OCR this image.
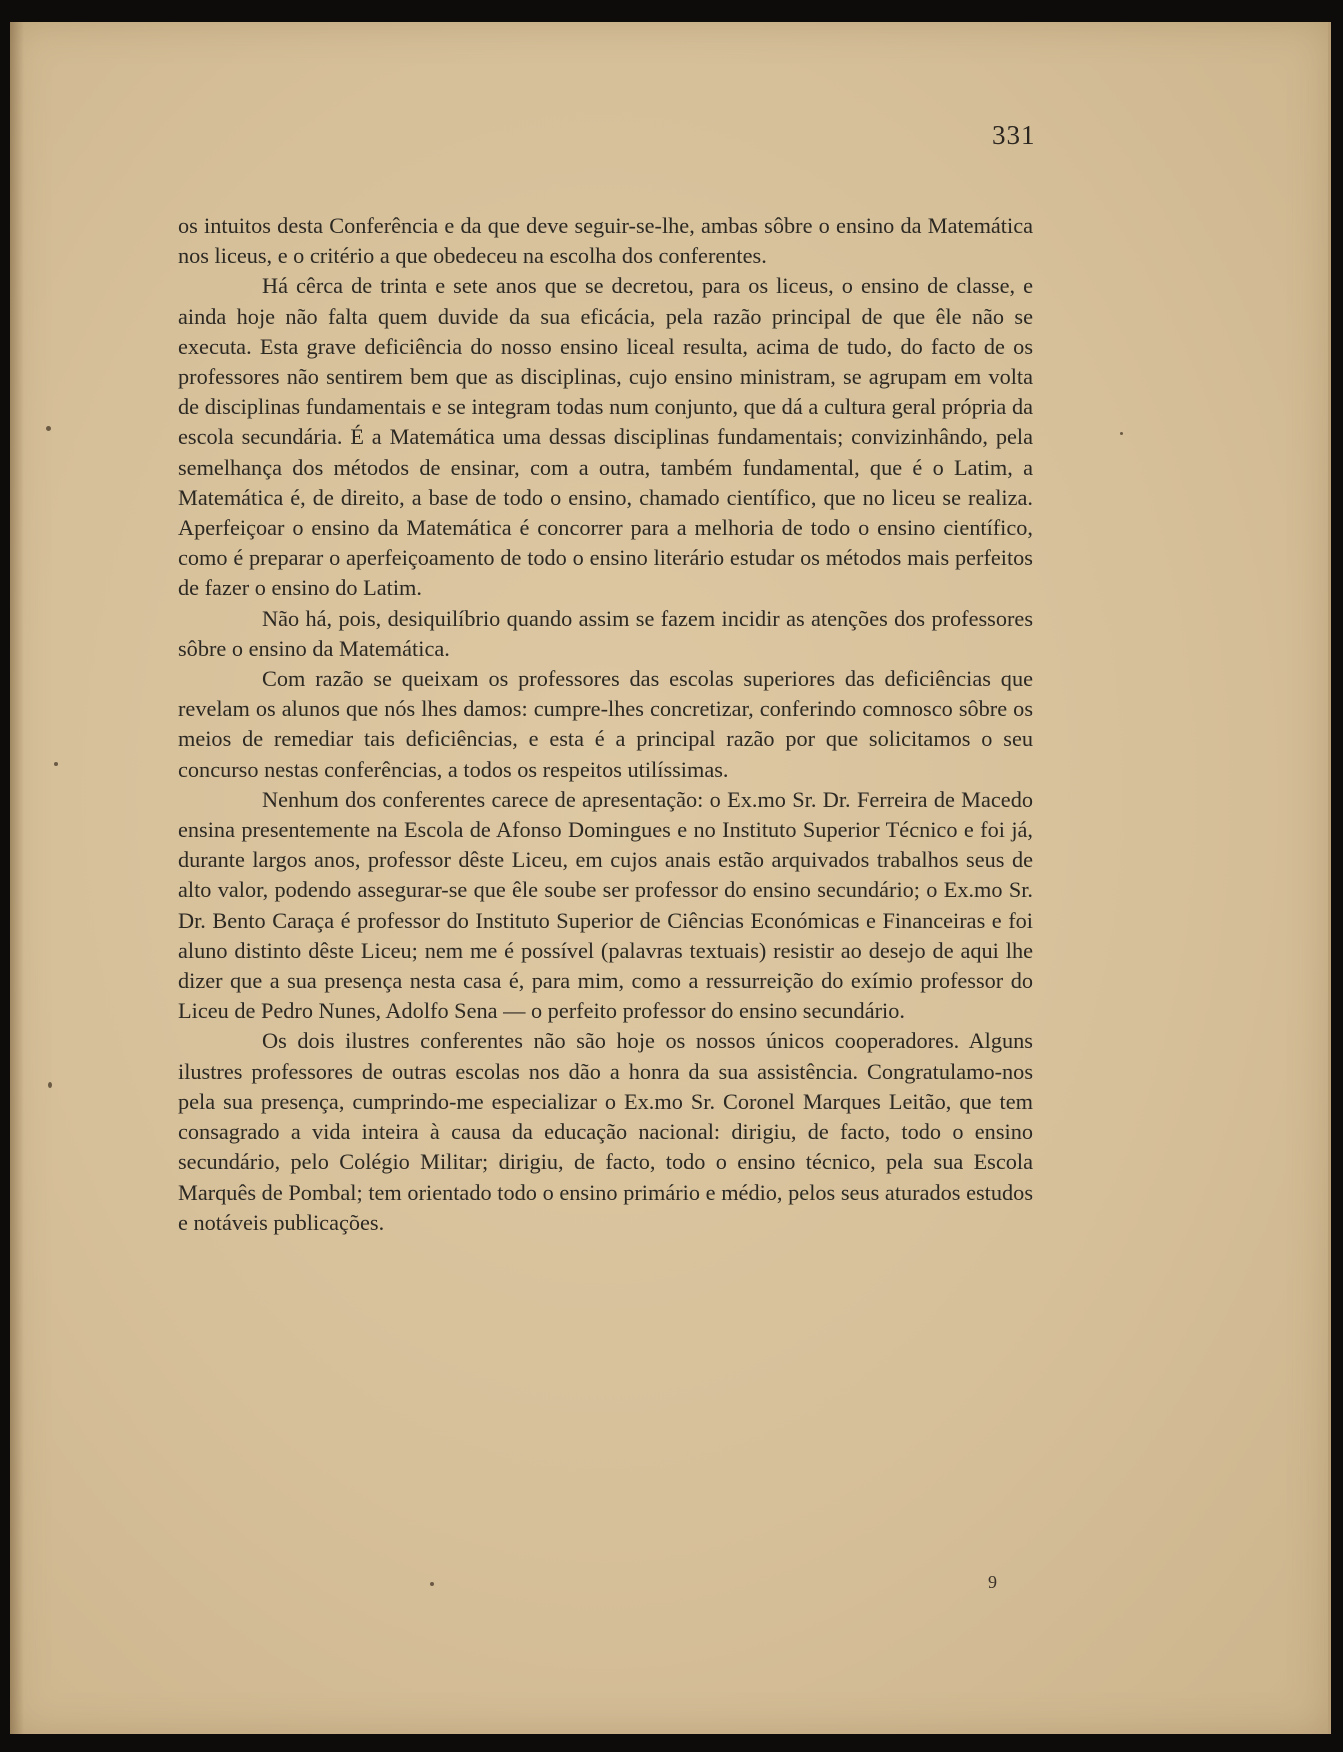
331

os intuitos desta Conferência e da que deve seguir-se-lhe, ambas sôbre o ensino da Matemática nos liceus, e o critério a que obedeceu na escolha dos conferentes.

Há cêrca de trinta e sete anos que se decretou, para os liceus, o ensino de classe, e ainda hoje não falta quem duvide da sua eficácia, pela razão principal de que êle não se executa. Esta grave deficiência do nosso ensino liceal resulta, acima de tudo, do facto de os professores não sentirem bem que as disciplinas, cujo ensino ministram, se agrupam em volta de disciplinas fundamentais e se integram todas num conjunto, que dá a cultura geral própria da escola secundária. É a Matemática uma dessas disciplinas fundamentais; convizinhândo, pela semelhança dos métodos de ensinar, com a outra, também fundamental, que é o Latim, a Matemática é, de direito, a base de todo o ensino, chamado científico, que no liceu se realiza. Aperfeiçoar o ensino da Matemática é concorrer para a melhoria de todo o ensino científico, como é preparar o aperfeiçoamento de todo o ensino literário estudar os métodos mais perfeitos de fazer o ensino do Latim.

Não há, pois, desiquilíbrio quando assim se fazem incidir as atenções dos professores sôbre o ensino da Matemática.

Com razão se queixam os professores das escolas superiores das deficiências que revelam os alunos que nós lhes damos: cumpre-lhes concretizar, conferindo comnosco sôbre os meios de remediar tais deficiências, e esta é a principal razão por que solicitamos o seu concurso nestas conferências, a todos os respeitos utilíssimas.

Nenhum dos conferentes carece de apresentação: o Ex.mo Sr. Dr. Ferreira de Macedo ensina presentemente na Escola de Afonso Domingues e no Instituto Superior Técnico e foi já, durante largos anos, professor dêste Liceu, em cujos anais estão arquivados trabalhos seus de alto valor, podendo assegurar-se que êle soube ser professor do ensino secundário; o Ex.mo Sr. Dr. Bento Caraça é professor do Instituto Superior de Ciências Económicas e Financeiras e foi aluno distinto dêste Liceu; nem me é possível (palavras textuais) resistir ao desejo de aqui lhe dizer que a sua presença nesta casa é, para mim, como a ressurreição do exímio professor do Liceu de Pedro Nunes, Adolfo Sena — o perfeito professor do ensino secundário.

Os dois ilustres conferentes não são hoje os nossos únicos cooperadores. Alguns ilustres professores de outras escolas nos dão a honra da sua assistência. Congratulamo-nos pela sua presença, cumprindo-me especializar o Ex.mo Sr. Coronel Marques Leitão, que tem consagrado a vida inteira à causa da educação nacional: dirigiu, de facto, todo o ensino secundário, pelo Colégio Militar; dirigiu, de facto, todo o ensino técnico, pela sua Escola Marquês de Pombal; tem orientado todo o ensino primário e médio, pelos seus aturados estudos e notáveis publicações.

9
